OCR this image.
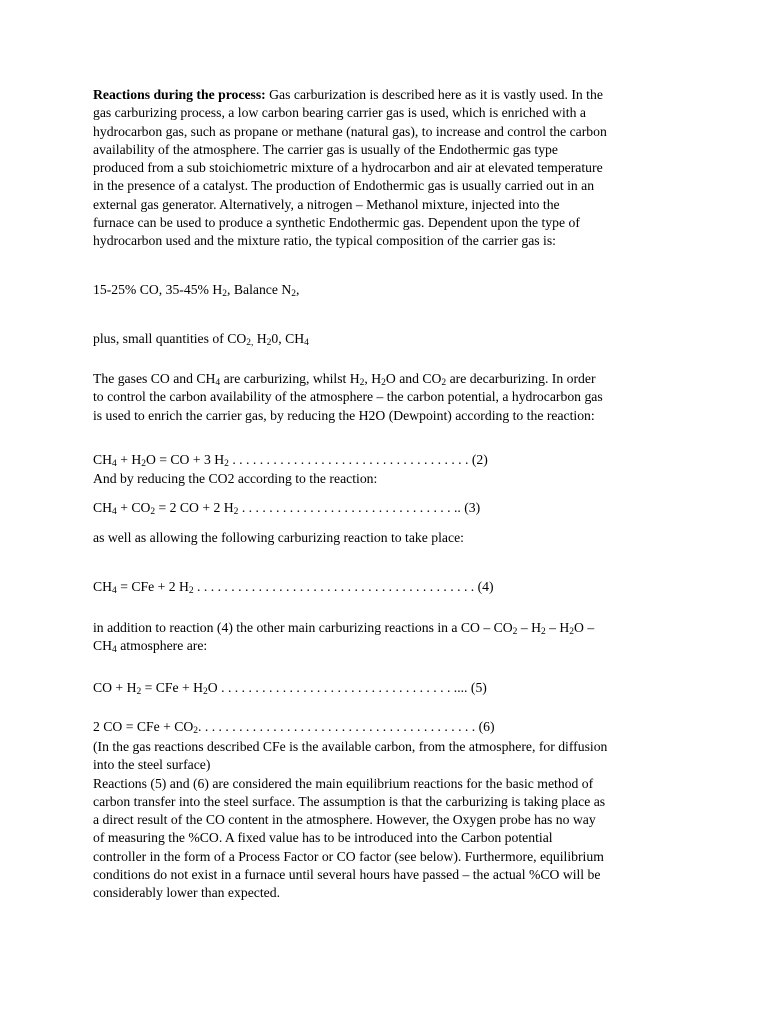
Reactions during the process: Gas carburization is described here as it is vastly used. In the
gas carburizing process, a low carbon bearing carrier gas is used, which is enriched with a
hydrocarbon gas, such as propane or methane (natural gas), to increase and control the carbon
availability of the atmosphere. The carrier gas is usually of the Endothermic gas type
produced from a sub stoichiometric mixture of a hydrocarbon and air at elevated temperature
in the presence of a catalyst. The production of Endothermic gas is usually carried out in an
external gas generator. Alternatively, a nitrogen – Methanol mixture, injected into the
furnace can be used to produce a synthetic Endothermic gas. Dependent upon the type of
hydrocarbon used and the mixture ratio, the typical composition of the carrier gas is:
15-25% CO, 35-45% $H_2$, Balance $N_2$,
plus, small quantities of $CO_{2,}$ $H_20$, $CH_4$
The gases CO and $CH_4$ are carburizing, whilst $H_2$, $H_2O$ and $CO_2$ are decarburizing. In order
to control the carbon availability of the atmosphere – the carbon potential, a hydrocarbon gas
is used to enrich the carrier gas, by reducing the H2O (Dewpoint) according to the reaction:
$CH_4 + H_2O$ = CO + 3 $H_2$ . . . . . . . . . . . . . . . . . . . . . . . . . . . . . . . . . . . (2)
And by reducing the CO2 according to the reaction:
$CH_4 + CO_2 = 2$ CO + 2 $H_2$ . . . . . . . . . . . . . . . . . . . . . . . . . . . . . . . .. (3)
as well as allowing the following carburizing reaction to take place:
$CH_4$ = CFe + 2 $H_2$ . . . . . . . . . . . . . . . . . . . . . . . . . . . . . . . . . . . . . . . . . (4)
in addition to reaction (4) the other main carburizing reactions in a CO – $CO_2 - H_2 - H_2O$ –
$CH_4$ atmosphere are:
CO + $H_2$ = CFe + $H_2O$ . . . . . . . . . . . . . . . . . . . . . . . . . . . . . . . . . . .... (5)
2 CO = CFe + $CO_2$. . . . . . . . . . . . . . . . . . . . . . . . . . . . . . . . . . . . . . . . . (6)
(In the gas reactions described CFe is the available carbon, from the atmosphere, for diffusion
into the steel surface)
Reactions (5) and (6) are considered the main equilibrium reactions for the basic method of
carbon transfer into the steel surface. The assumption is that the carburizing is taking place as
a direct result of the CO content in the atmosphere. However, the Oxygen probe has no way
of measuring the %CO. A fixed value has to be introduced into the Carbon potential
controller in the form of a Process Factor or CO factor (see below). Furthermore, equilibrium
conditions do not exist in a furnace until several hours have passed – the actual %CO will be
considerably lower than expected.
